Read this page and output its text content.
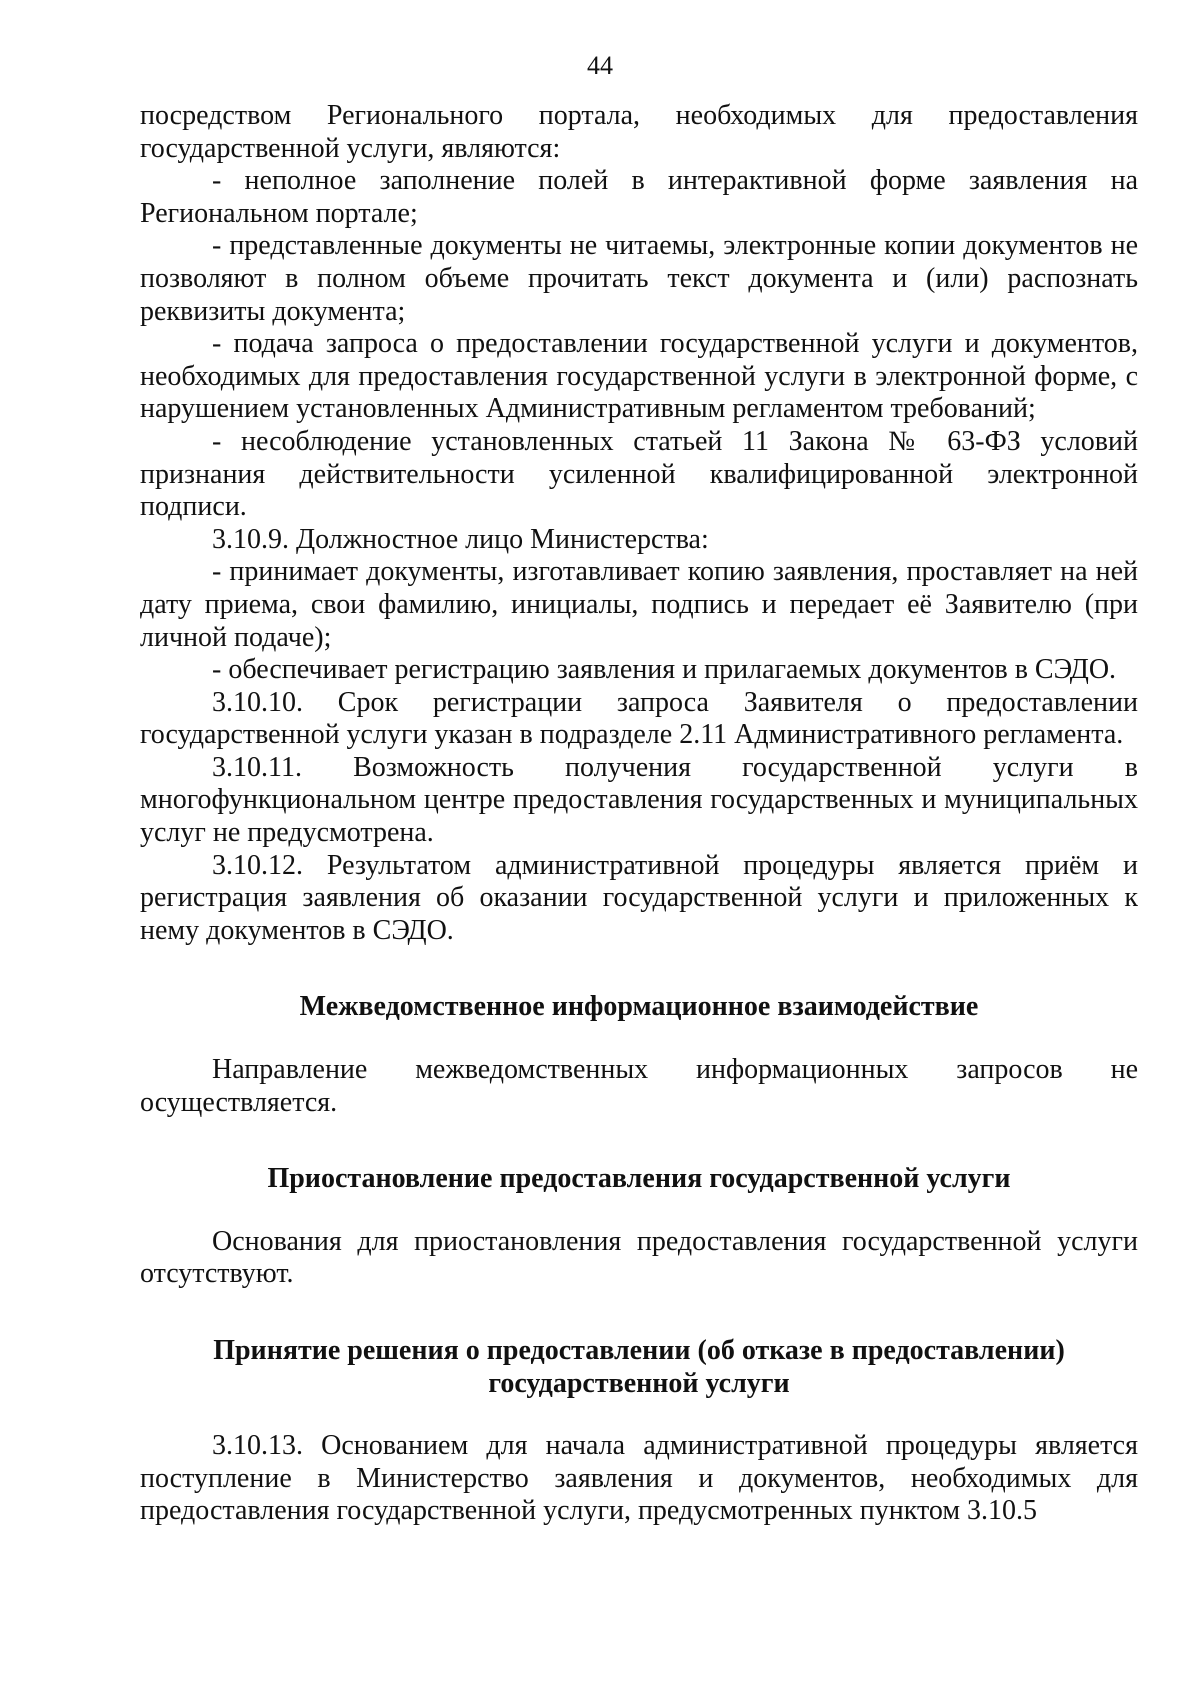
44

посредством Регионального портала, необходимых для предоставления государственной услуги, являются:

- неполное заполнение полей в интерактивной форме заявления на Региональном портале;

- представленные документы не читаемы, электронные копии документов не позволяют в полном объеме прочитать текст документа и (или) распознать реквизиты документа;

- подача запроса о предоставлении государственной услуги и документов, необходимых для предоставления государственной услуги в электронной форме, с нарушением установленных Административным регламентом требований;

- несоблюдение установленных статьей 11 Закона № 63-ФЗ условий признания действительности усиленной квалифицированной электронной подписи.

3.10.9. Должностное лицо Министерства:

- принимает документы, изготавливает копию заявления, проставляет на ней дату приема, свои фамилию, инициалы, подпись и передает её Заявителю (при личной подаче);

- обеспечивает регистрацию заявления и прилагаемых документов в СЭДО.

3.10.10. Срок регистрации запроса Заявителя о предоставлении государственной услуги указан в подразделе 2.11 Административного регламента.

3.10.11. Возможность получения государственной услуги в многофункциональном центре предоставления государственных и муниципальных услуг не предусмотрена.

3.10.12. Результатом административной процедуры является приём и регистрация заявления об оказании государственной услуги и приложенных к нему документов в СЭДО.

Межведомственное информационное взаимодействие

Направление межведомственных информационных запросов не осуществляется.

Приостановление предоставления государственной услуги

Основания для приостановления предоставления государственной услуги отсутствуют.

Принятие решения о предоставлении (об отказе в предоставлении)
государственной услуги

3.10.13. Основанием для начала административной процедуры является поступление в Министерство заявления и документов, необходимых для предоставления государственной услуги, предусмотренных пунктом 3.10.5
